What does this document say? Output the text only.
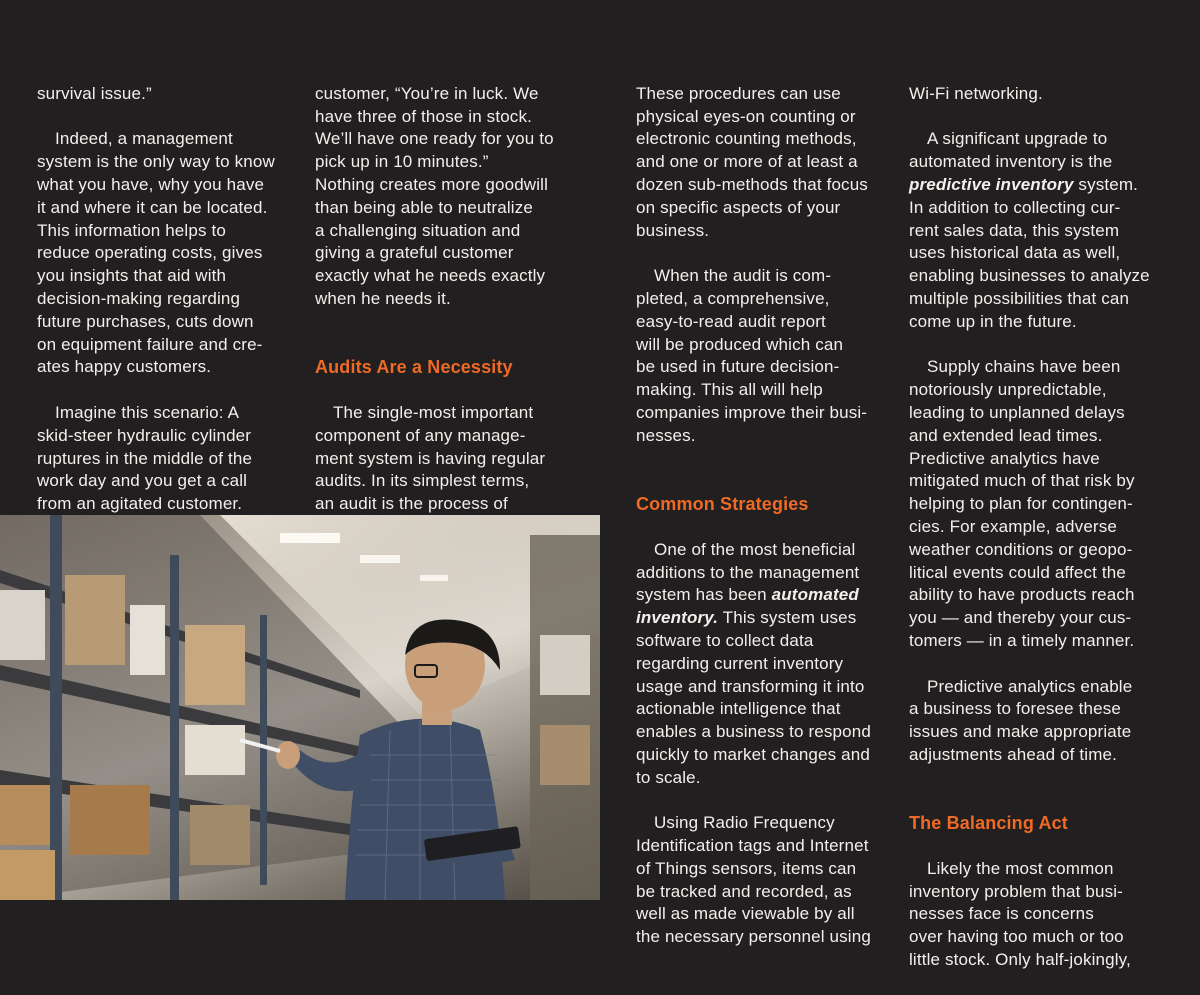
survival issue.”

Indeed, a management
system is the only way to know
what you have, why you have
it and where it can be located.
This information helps to
reduce operating costs, gives
you insights that aid with
decision-making regarding
future purchases, cuts down
on equipment failure and cre-
ates happy customers.

Imagine this scenario: A
skid-steer hydraulic cylinder
ruptures in the middle of the
work day and you get a call
from an agitated customer.

customer, “You’re in luck. We
have three of those in stock.
We’ll have one ready for you to
pick up in 10 minutes.”
Nothing creates more goodwill
than being able to neutralize
a challenging situation and
giving a grateful customer
exactly what he needs exactly
when he needs it.

Audits Are a Necessity

The single-most important
component of any manage-
ment system is having regular
audits. In its simplest terms,
an audit is the process of

These procedures can use
physical eyes-on counting or
electronic counting methods,
and one or more of at least a
dozen sub-methods that focus
on specific aspects of your
business.

When the audit is com-
pleted, a comprehensive,
easy-to-read audit report
will be produced which can
be used in future decision-
making. This all will help
companies improve their busi-
nesses.

Common Strategies

One of the most beneficial
additions to the management
system has been automated
inventory. This system uses
software to collect data
regarding current inventory
usage and transforming it into
actionable intelligence that
enables a business to respond
quickly to market changes and
to scale.

Using Radio Frequency
Identification tags and Internet
of Things sensors, items can
be tracked and recorded, as
well as made viewable by all
the necessary personnel using

Wi-Fi networking.

A significant upgrade to
automated inventory is the
predictive inventory system.
In addition to collecting cur-
rent sales data, this system
uses historical data as well,
enabling businesses to analyze
multiple possibilities that can
come up in the future.

Supply chains have been
notoriously unpredictable,
leading to unplanned delays
and extended lead times.
Predictive analytics have
mitigated much of that risk by
helping to plan for contingen-
cies. For example, adverse
weather conditions or geopo-
litical events could affect the
ability to have products reach
you — and thereby your cus-
tomers — in a timely manner.

Predictive analytics enable
a business to foresee these
issues and make appropriate
adjustments ahead of time.

The Balancing Act

Likely the most common
inventory problem that busi-
nesses face is concerns
over having too much or too
little stock. Only half-jokingly,
